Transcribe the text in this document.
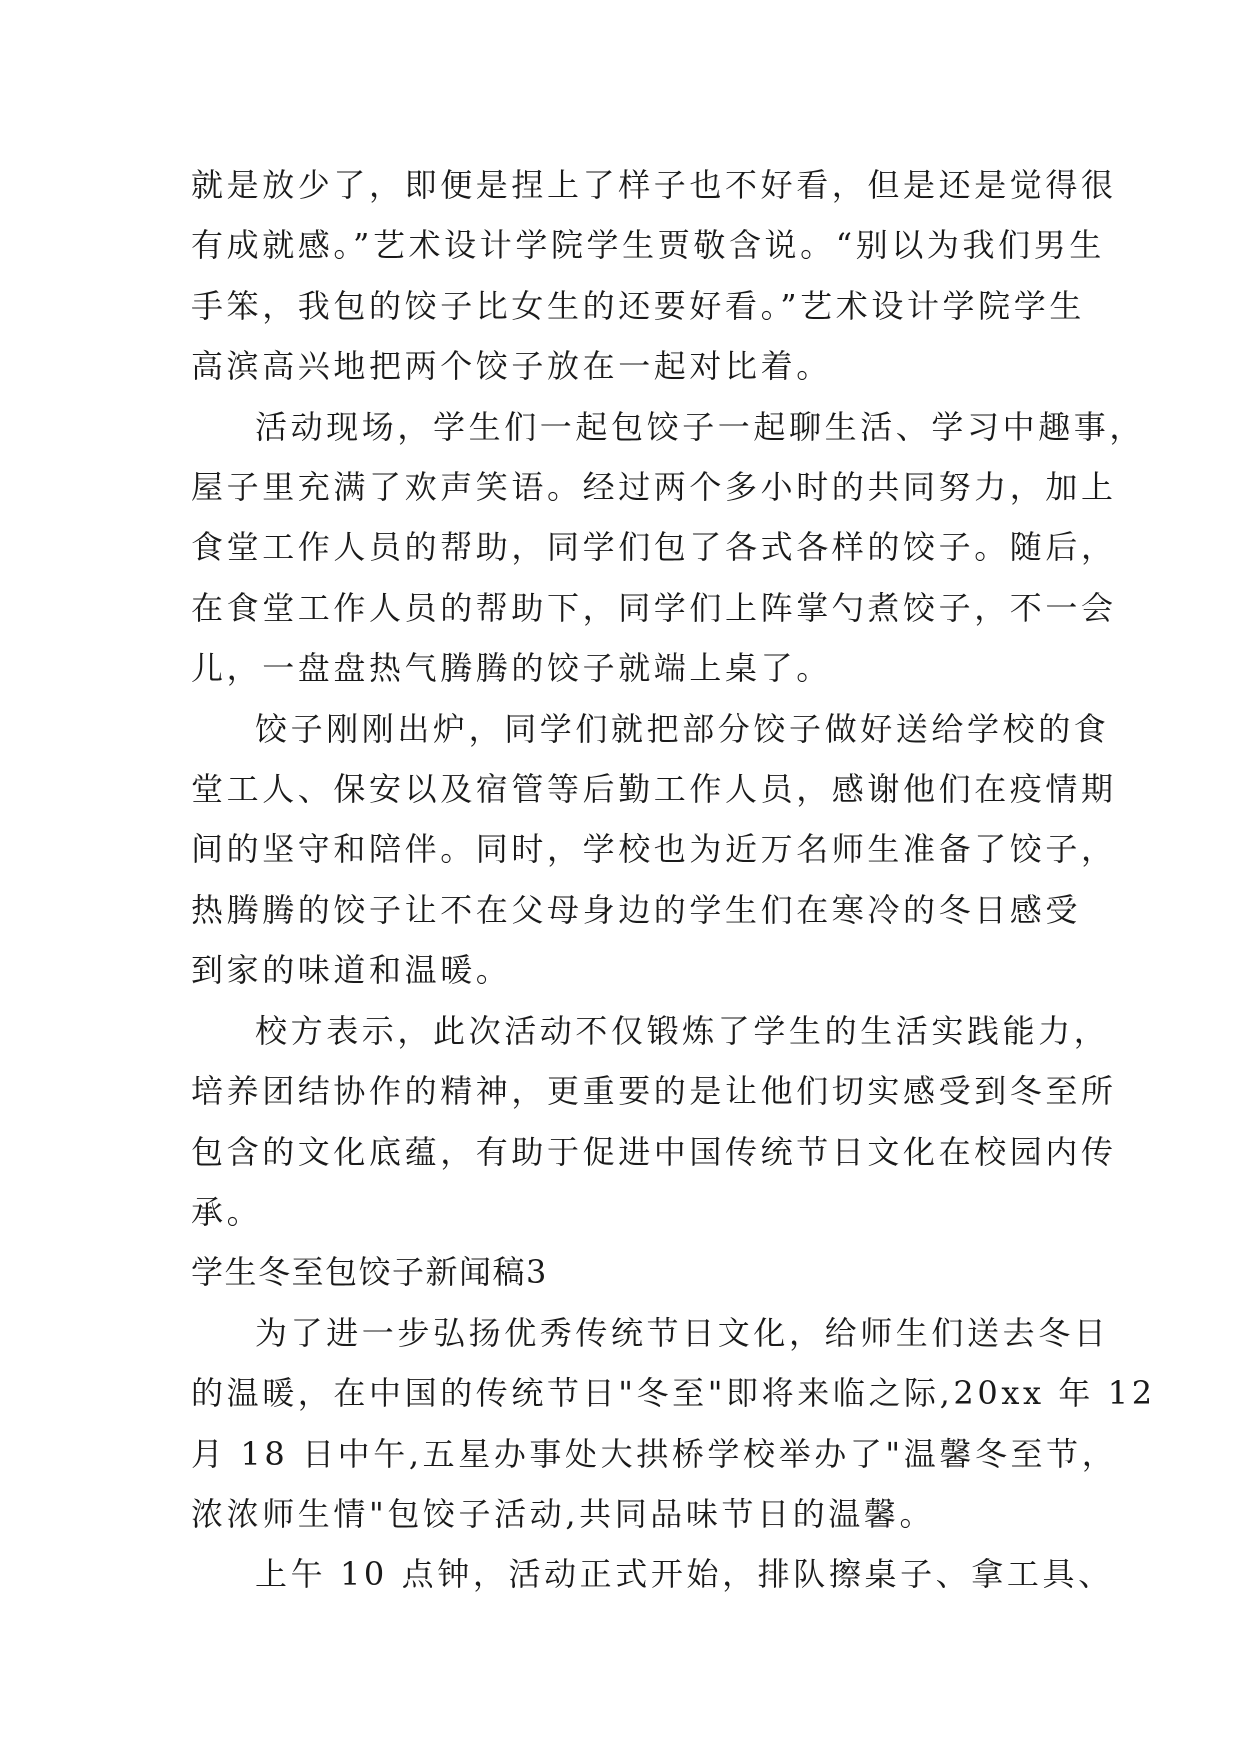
就是放少了，即便是捏上了样子也不好看，但是还是觉得很
有成就感。”艺术设计学院学生贾敬含说。“别以为我们男生
手笨，我包的饺子比女生的还要好看。”艺术设计学院学生
高滨高兴地把两个饺子放在一起对比着。
活动现场，学生们一起包饺子一起聊生活、学习中趣事，
屋子里充满了欢声笑语。经过两个多小时的共同努力，加上
食堂工作人员的帮助，同学们包了各式各样的饺子。随后，
在食堂工作人员的帮助下，同学们上阵掌勺煮饺子，不一会
儿，一盘盘热气腾腾的饺子就端上桌了。
饺子刚刚出炉，同学们就把部分饺子做好送给学校的食
堂工人、保安以及宿管等后勤工作人员，感谢他们在疫情期
间的坚守和陪伴。同时，学校也为近万名师生准备了饺子，
热腾腾的饺子让不在父母身边的学生们在寒冷的冬日感受
到家的味道和温暖。
校方表示，此次活动不仅锻炼了学生的生活实践能力，
培养团结协作的精神，更重要的是让他们切实感受到冬至所
包含的文化底蕴，有助于促进中国传统节日文化在校园内传
承。
学生冬至包饺子新闻稿3
为了进一步弘扬优秀传统节日文化，给师生们送去冬日
的温暖，在中国的传统节日"冬至"即将来临之际,20xx 年 12
月 18 日中午,五星办事处大拱桥学校举办了"温馨冬至节，
浓浓师生情"包饺子活动,共同品味节日的温馨。
上午 10 点钟，活动正式开始，排队擦桌子、拿工具、
